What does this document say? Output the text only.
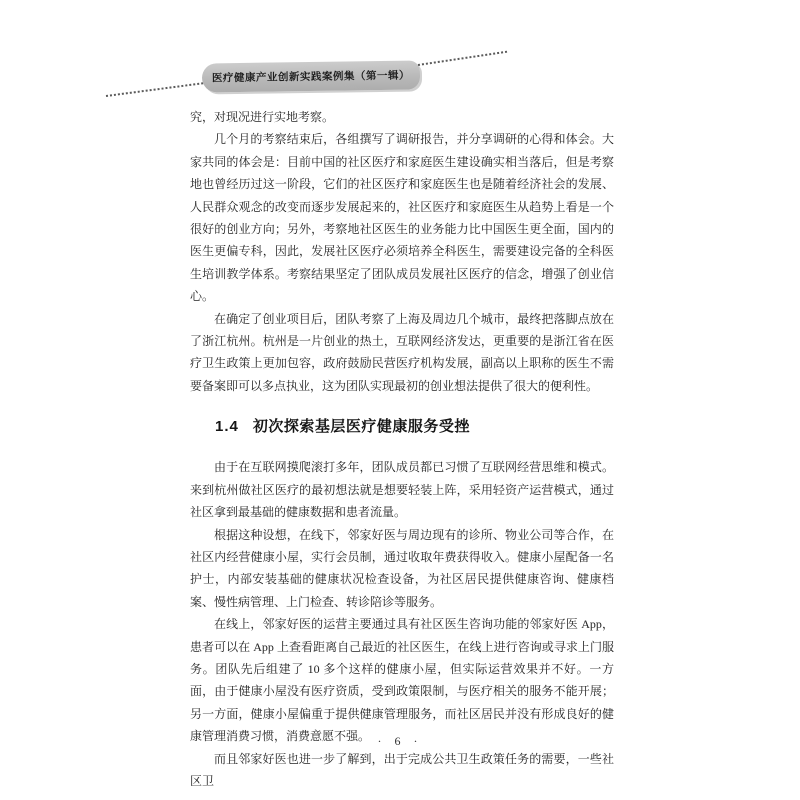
医疗健康产业创新实践案例集（第一辑）

究，对现况进行实地考察。

几个月的考察结束后，各组撰写了调研报告，并分享调研的心得和体会。大家共同的体会是：目前中国的社区医疗和家庭医生建设确实相当落后，但是考察地也曾经历过这一阶段，它们的社区医疗和家庭医生也是随着经济社会的发展、人民群众观念的改变而逐步发展起来的，社区医疗和家庭医生从趋势上看是一个很好的创业方向；另外，考察地社区医生的业务能力比中国医生更全面，国内的医生更偏专科，因此，发展社区医疗必须培养全科医生，需要建设完备的全科医生培训教学体系。考察结果坚定了团队成员发展社区医疗的信念，增强了创业信心。

在确定了创业项目后，团队考察了上海及周边几个城市，最终把落脚点放在了浙江杭州。杭州是一片创业的热土，互联网经济发达，更重要的是浙江省在医疗卫生政策上更加包容，政府鼓励民营医疗机构发展，副高以上职称的医生不需要备案即可以多点执业，这为团队实现最初的创业想法提供了很大的便利性。

1.4 初次探索基层医疗健康服务受挫

由于在互联网摸爬滚打多年，团队成员都已习惯了互联网经营思维和模式。来到杭州做社区医疗的最初想法就是想要轻装上阵，采用轻资产运营模式，通过社区拿到最基础的健康数据和患者流量。

根据这种设想，在线下，邻家好医与周边现有的诊所、物业公司等合作，在社区内经营健康小屋，实行会员制，通过收取年费获得收入。健康小屋配备一名护士，内部安装基础的健康状况检查设备，为社区居民提供健康咨询、健康档案、慢性病管理、上门检查、转诊陪诊等服务。

在线上，邻家好医的运营主要通过具有社区医生咨询功能的邻家好医 App，患者可以在 App 上查看距离自己最近的社区医生，在线上进行咨询或寻求上门服务。团队先后组建了 10 多个这样的健康小屋，但实际运营效果并不好。一方面，由于健康小屋没有医疗资质，受到政策限制，与医疗相关的服务不能开展；另一方面，健康小屋偏重于提供健康管理服务，而社区居民并没有形成良好的健康管理消费习惯，消费意愿不强。

而且邻家好医也进一步了解到，出于完成公共卫生政策任务的需要，一些社区卫

· 6 ·
